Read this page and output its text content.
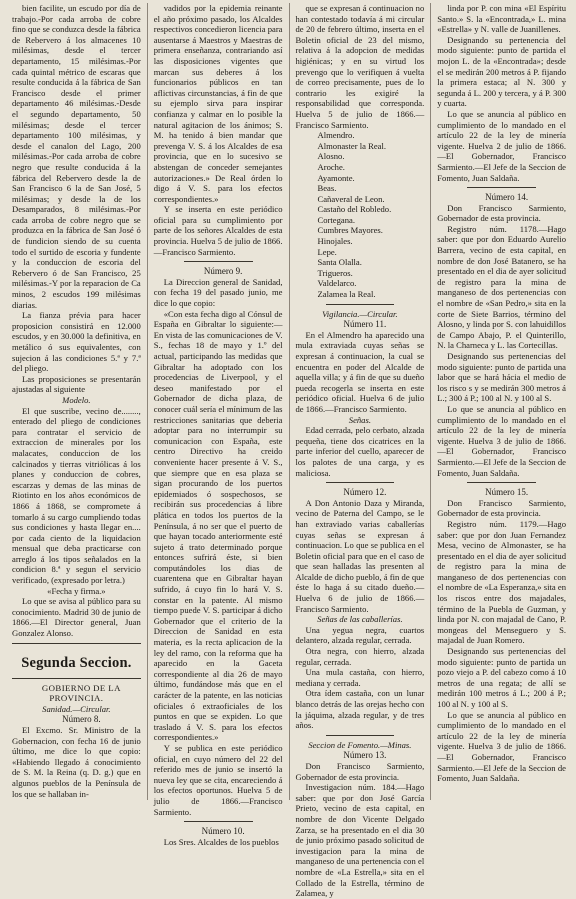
bien facilite, un escudo por día de trabajo.-Por cada arroba de cobre fino que se conduzca desde la fábrica de Rebervero á los almacenes 10 milésimas, desde el tercer departamento, 15 milésimas.-Por cada quintal métrico de escaras que resulte conducida á la fábrica de San Francisco desde el primer departamento 46 milésimas.-Desde el segundo departamento, 50 milésimas; desde el tercer departamento 100 milésimas, y desde el canalon del Lago, 200 milésimas.-Por cada arroba de cobre negro que resulte conducida á la fábrica del Rebervero desde la de San Francisco 6 la de San José, 5 milésimas; y desde la de los Desamparados, 8 milésimas.-Por cada arroba de cobre negro que se produzca en la fábrica de San José ó de fundicion siendo de su cuenta todo el surtido de escoria y fundente y la conduccion de escoria del Rebervero ó de San Francisco, 25 milésimas.-Y por la reparacion de Ca minos, 2 escudos 199 milésimas diarias.

La fianza prévia para hacer proposicion consistirá en 12.000 escudos, y en 30.000 la definitiva, en metálico ó sus equivalentes, con sujecion á las condiciones 5.ª y 7.ª del pliego.

Las proposiciones se presentarán ajustadas al siguiente

Modelo.

El que suscribe, vecino de........, enterado del pliego de condiciones para contratar el servicio de extraccion de minerales por los malacates, conduccion de los calcinados y tierras vitriólicas á los planes y conduccion de cobres, escarzas y demas de las minas de Riotinto en los años económicos de 1866 á 1868, se compromete á tomarlo á su cargo cumpliendo todas sus condiciones y hasta llegar en.... por cada ciento de la liquidacion mensual que deba practicarse con arreglo á los tipos señalados en la condicion 8.ª y segun el servicio verificado, (expresado por letra.)

«Fecha y firma.»

Lo que se avisa al público para su conocimiento. Madrid 30 de junio de 1866.—El Director general, Juan Gonzalez Alonso.

Segunda Seccion.

GOBIERNO DE LA PROVINCIA.

Sanidad.—Circular.

Número 8.

El Excmo. Sr. Ministro de la Gobernacion, con fecha 16 de junio último, me dice lo que copio: «Habiendo llegado á conocimiento de S. M. la Reina (q. D. g.) que en algunos pueblos de la Península de los que se hallaban in-

vadidos por la epidemia reinante el año próximo pasado, los Alcaldes respectivos concedieron licencia para ausentarse á Maestros y Maestras de primera enseñanza, contrariando así las disposiciones vigentes que marcan sus deberes á los funcionarios públicos en tan aflictivas circunstancias, á fin de que su ejemplo sirva para inspirar confianza y calmar en lo posible la natural agitacion de los ánimos; S. M. ha tenido á bien mandar que prevenga V. S. á los Alcaldes de esa provincia, que en lo sucesivo se abstengan de conceder semejantes autorizaciones.» De Real órden lo digo á V. S. para los efectos correspondientes.»

Y se inserta en este periódico oficial para su cumplimiento por parte de los señores Alcaldes de esta provincia. Huelva 5 de julio de 1866.—Francisco Sarmiento.

Número 9.

La Direccion general de Sanidad, con fecha 19 del pasado junio, me dice lo que copio:

«Con esta fecha digo al Cónsul de España en Gibraltar lo siguiente:—En vista de las comunicaciones de V. S., fechas 18 de mayo y 1.º del actual, participando las medidas que Gibraltar ha adoptado con los procedencias de Liverpool, y el deseo manifestado por el Gobernador de dicha plaza, de conocer cuál sería el mínimum de las restricciones sanitarias que deberia adoptar para no interrumpir su comunicacion con España, este centro Directivo ha creido conveniente hacer presente á V. S., que siempre que en esa plaza se sigan procurando de los puertos epidemiados ó sospechosos, se recibirán sus procedencias á libre plática en todos los puertos de la Península, á no ser que el puerto de que hayan tocado anteriormente esté sujeto á trato determinado porque entonces sufrirá éste, si bien computándoles los dias de cuarentena que en Gibraltar hayan sufrido, á cuyo fin lo hará V. S. constar en la patente. Al mismo tiempo puede V. S. participar á dicho Gobernador que el criterio de la Direccion de Sanidad en esta materia, es la recta aplicacion de la ley del ramo, con la reforma que ha aparecido en la Gaceta correspondiente al dia 26 de mayo último, fundándose más que en el carácter de la patente, en las noticias oficiales ó extraoficiales de los puntos en que se expiden. Lo que traslado á V. S. para los efectos correspondientes.»

Y se publica en este periódico oficial, en cuyo número del 22 del referido mes de junio se insertó la nueva ley que se cita, encareciendo á los efectos oportunos. Huelva 5 de julio de 1866.—Francisco Sarmiento.

Número 10.

Los Sres. Alcaldes de los pueblos

que se expresan á continuacion no han contestado todavía á mi circular de 20 de febrero último, inserta en el Boletin oficial de 23 del mismo, relativa á la adopcion de medidas higiénicas; y en su virtud los prevengo que lo verifiquen á vuelta de correo precisamente, pues de lo contrario les exigiré la responsabilidad que corresponda. Huelva 5 de julio de 1866.—Francisco Sarmiento.

Almendro.

Almonaster la Real.

Alosno.

Aroche.

Ayamonte.

Beas.

Cañaveral de Leon.

Castaño del Robledo.

Cortegana.

Cumbres Mayores.

Hinojales.

Lepe.

Santa Olalla.

Trigueros.

Valdelarco.

Zalamea la Real.

Vigilancia.—Circular.

Número 11.

En el Almendro ha aparecido una mula extraviada cuyas señas se expresan á continuacion, la cual se encuentra en poder del Alcalde de aquella villa; y á fin de que su dueño pueda recogerla se inserta en este periódico oficial. Huelva 6 de julio de 1866.—Francisco Sarmiento.

Señas.

Edad cerrada, pelo cerbato, alzada pequeña, tiene dos cicatrices en la parte inferior del cuello, aparecer de los palotes de una carga, y es maliciosa.

Número 12.

A Don Antonio Daza y Miranda, vecino de Paterna del Campo, se le han extraviado varias caballerías cuyas señas se expresan á continuacion. Lo que se publica en el Boletin oficial para que en el caso de que sean halladas las presenten al Alcalde de dicho pueblo, á fin de que éste lo haga á su citado dueño.—Huelva 6 de julio de 1866.—Francisco Sarmiento.

Señas de las caballerías.

Una yegua negra, cuartos delantero, alzada regular, cerrada.

Otra negra, con hierro, alzada regular, cerrada.

Una mula castaña, con hierro, mediana y cerrada.

Otra ídem castaña, con un lunar blanco detrás de las orejas hecho con la jáquima, alzada regular, y de tres años.

Seccion de Fomento.—Minas.

Número 13.

Don Francisco Sarmiento, Gobernador de esta provincia.

Investigacion núm. 184.—Hago saber: que por don José García Prieto, vecino de esta capital, en nombre de don Vicente Delgado Zarza, se ha presentado en el dia 30 de junio próximo pasado solicitud de investigacion para la mina de manganeso de una pertenencia con el nombre de «La Estrella,» sita en el Collado de la Estrella, término de Zalamea, y

linda por P. con mina «El Espíritu Santo.» S. la «Encontrada,» L. mina «Estrella» y N. valle de Juanillenes.

Designando su pertenencia del modo siguiente: punto de partida el mojon L. de la «Encontrada»; desde el se medirán 200 metros á P. fijando la primera estaca; al N. 300 y segunda á L. 200 y tercera, y á P. 300 y cuarta.

Lo que se anuncia al público en cumplimiento de lo mandado en el artículo 22 de la ley de minería vigente. Huelva 2 de julio de 1866.—El Gobernador, Francisco Sarmiento.—El Jefe de la Seccion de Fomento, Juan Saldaña.

Número 14.

Don Francisco Sarmiento, Gobernador de esta provincia.

Registro núm. 1178.—Hago saber: que por don Eduardo Aurelio Barrera, vecino de esta capital, en nombre de don José Batanero, se ha presentado en el dia de ayer solicitud de registro para la mina de manganeso de dos pertenencias con el nombre de «San Pedro,» sita en la corte de Siete Barrios, término del Alosno, y linda por S. con lahuidillos de Campo Abajo, P. el Quinterillo, N. la Charneca y L. las Cortecillas.

Designando sus pertenencias del modo siguiente: punto de partida una labor que se hará hácia el medio de los risco s y se medirán 300 metros á L.; 300 á P.; 100 al N. y 100 al S.

Lo que se anuncia al público en cumplimiento de lo mandado en el artículo 22 de la ley de minería vigente. Huelva 3 de julio de 1866.—El Gobernador, Francisco Sarmiento.—El Jefe de la Seccion de Fomento, Juan Saldaña.

Número 15.

Don Francisco Sarmiento, Gobernador de esta provincia.

Registro núm. 1179.—Hago saber: que por don Juan Fernandez Mesa, vecino de Almonaster, se ha presentado en el dia de ayer solicitud de registro para la mina de manganeso de dos pertenencias con el nombre de «La Esperanza,» sita en los riscos entre dos majadales, término de la Puebla de Guzman, y linda por N. con majadal de Cano, P. mongeas del Menseguero y S. majadal de Juan Romero.

Designando sus pertenencias del modo siguiente: punto de partida un pozo viejo a P. del cabezo como á 10 metros de una regata; de allí se medirán 100 metros á L.; 200 á P.; 100 al N. y 100 al S.

Lo que se anuncia al público en cumplimiento de lo mandado en el artículo 22 de la ley de minería vigente. Huelva 3 de julio de 1866.—El Gobernador, Francisco Sarmiento.—El Jefe de la Seccion de Fomento, Juan Saldaña.
